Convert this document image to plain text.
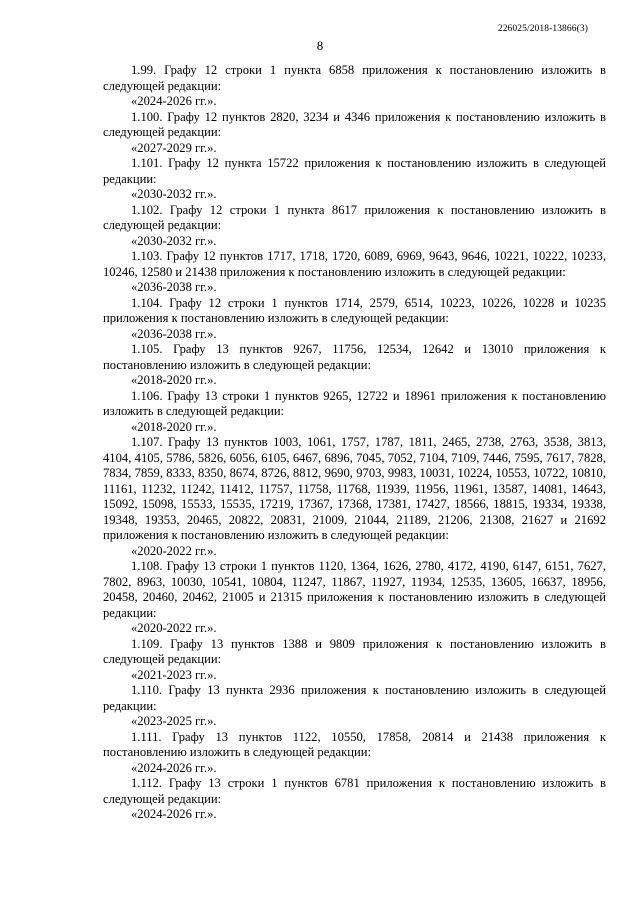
226025/2018-13866(3)
8

1.99. Графу 12 строки 1 пункта 6858 приложения к постановлению изложить в следующей редакции:

«2024-2026 гг.».

1.100. Графу 12 пунктов 2820, 3234 и 4346 приложения к постановлению изложить в следующей редакции:

«2027-2029 гг.».

1.101. Графу 12 пункта 15722 приложения к постановлению изложить в следующей редакции:

«2030-2032 гг.».

1.102. Графу 12 строки 1 пункта 8617 приложения к постановлению изложить в следующей редакции:

«2030-2032 гг.».

1.103. Графу 12 пунктов 1717, 1718, 1720, 6089, 6969, 9643, 9646, 10221, 10222, 10233, 10246, 12580 и 21438 приложения к постановлению изложить в следующей редакции:

«2036-2038 гг.».

1.104. Графу 12 строки 1 пунктов 1714, 2579, 6514, 10223, 10226, 10228 и 10235 приложения к постановлению изложить в следующей редакции:

«2036-2038 гг.».

1.105. Графу 13 пунктов 9267, 11756, 12534, 12642 и 13010 приложения к постановлению изложить в следующей редакции:

«2018-2020 гг.».

1.106. Графу 13 строки 1 пунктов 9265, 12722 и 18961 приложения к постановлению изложить в следующей редакции:

«2018-2020 гг.».

1.107. Графу 13 пунктов 1003, 1061, 1757, 1787, 1811, 2465, 2738, 2763, 3538, 3813, 4104, 4105, 5786, 5826, 6056, 6105, 6467, 6896, 7045, 7052, 7104, 7109, 7446, 7595, 7617, 7828, 7834, 7859, 8333, 8350, 8674, 8726, 8812, 9690, 9703, 9983, 10031, 10224, 10553, 10722, 10810, 11161, 11232, 11242, 11412, 11757, 11758, 11768, 11939, 11956, 11961, 13587, 14081, 14643, 15092, 15098, 15533, 15535, 17219, 17367, 17368, 17381, 17427, 18566, 18815, 19334, 19338, 19348, 19353, 20465, 20822, 20831, 21009, 21044, 21189, 21206, 21308, 21627 и 21692 приложения к постановлению изложить в следующей редакции:

«2020-2022 гг.».

1.108. Графу 13 строки 1 пунктов 1120, 1364, 1626, 2780, 4172, 4190, 6147, 6151, 7627, 7802, 8963, 10030, 10541, 10804, 11247, 11867, 11927, 11934, 12535, 13605, 16637, 18956, 20458, 20460, 20462, 21005 и 21315 приложения к постановлению изложить в следующей редакции:

«2020-2022 гг.».

1.109. Графу 13 пунктов 1388 и 9809 приложения к постановлению изложить в следующей редакции:

«2021-2023 гг.».

1.110. Графу 13 пункта 2936 приложения к постановлению изложить в следующей редакции:

«2023-2025 гг.».

1.111. Графу 13 пунктов 1122, 10550, 17858, 20814 и 21438 приложения к постановлению изложить в следующей редакции:

«2024-2026 гг.».

1.112. Графу 13 строки 1 пунктов 6781 приложения к постановлению изложить в следующей редакции:

«2024-2026 гг.».
